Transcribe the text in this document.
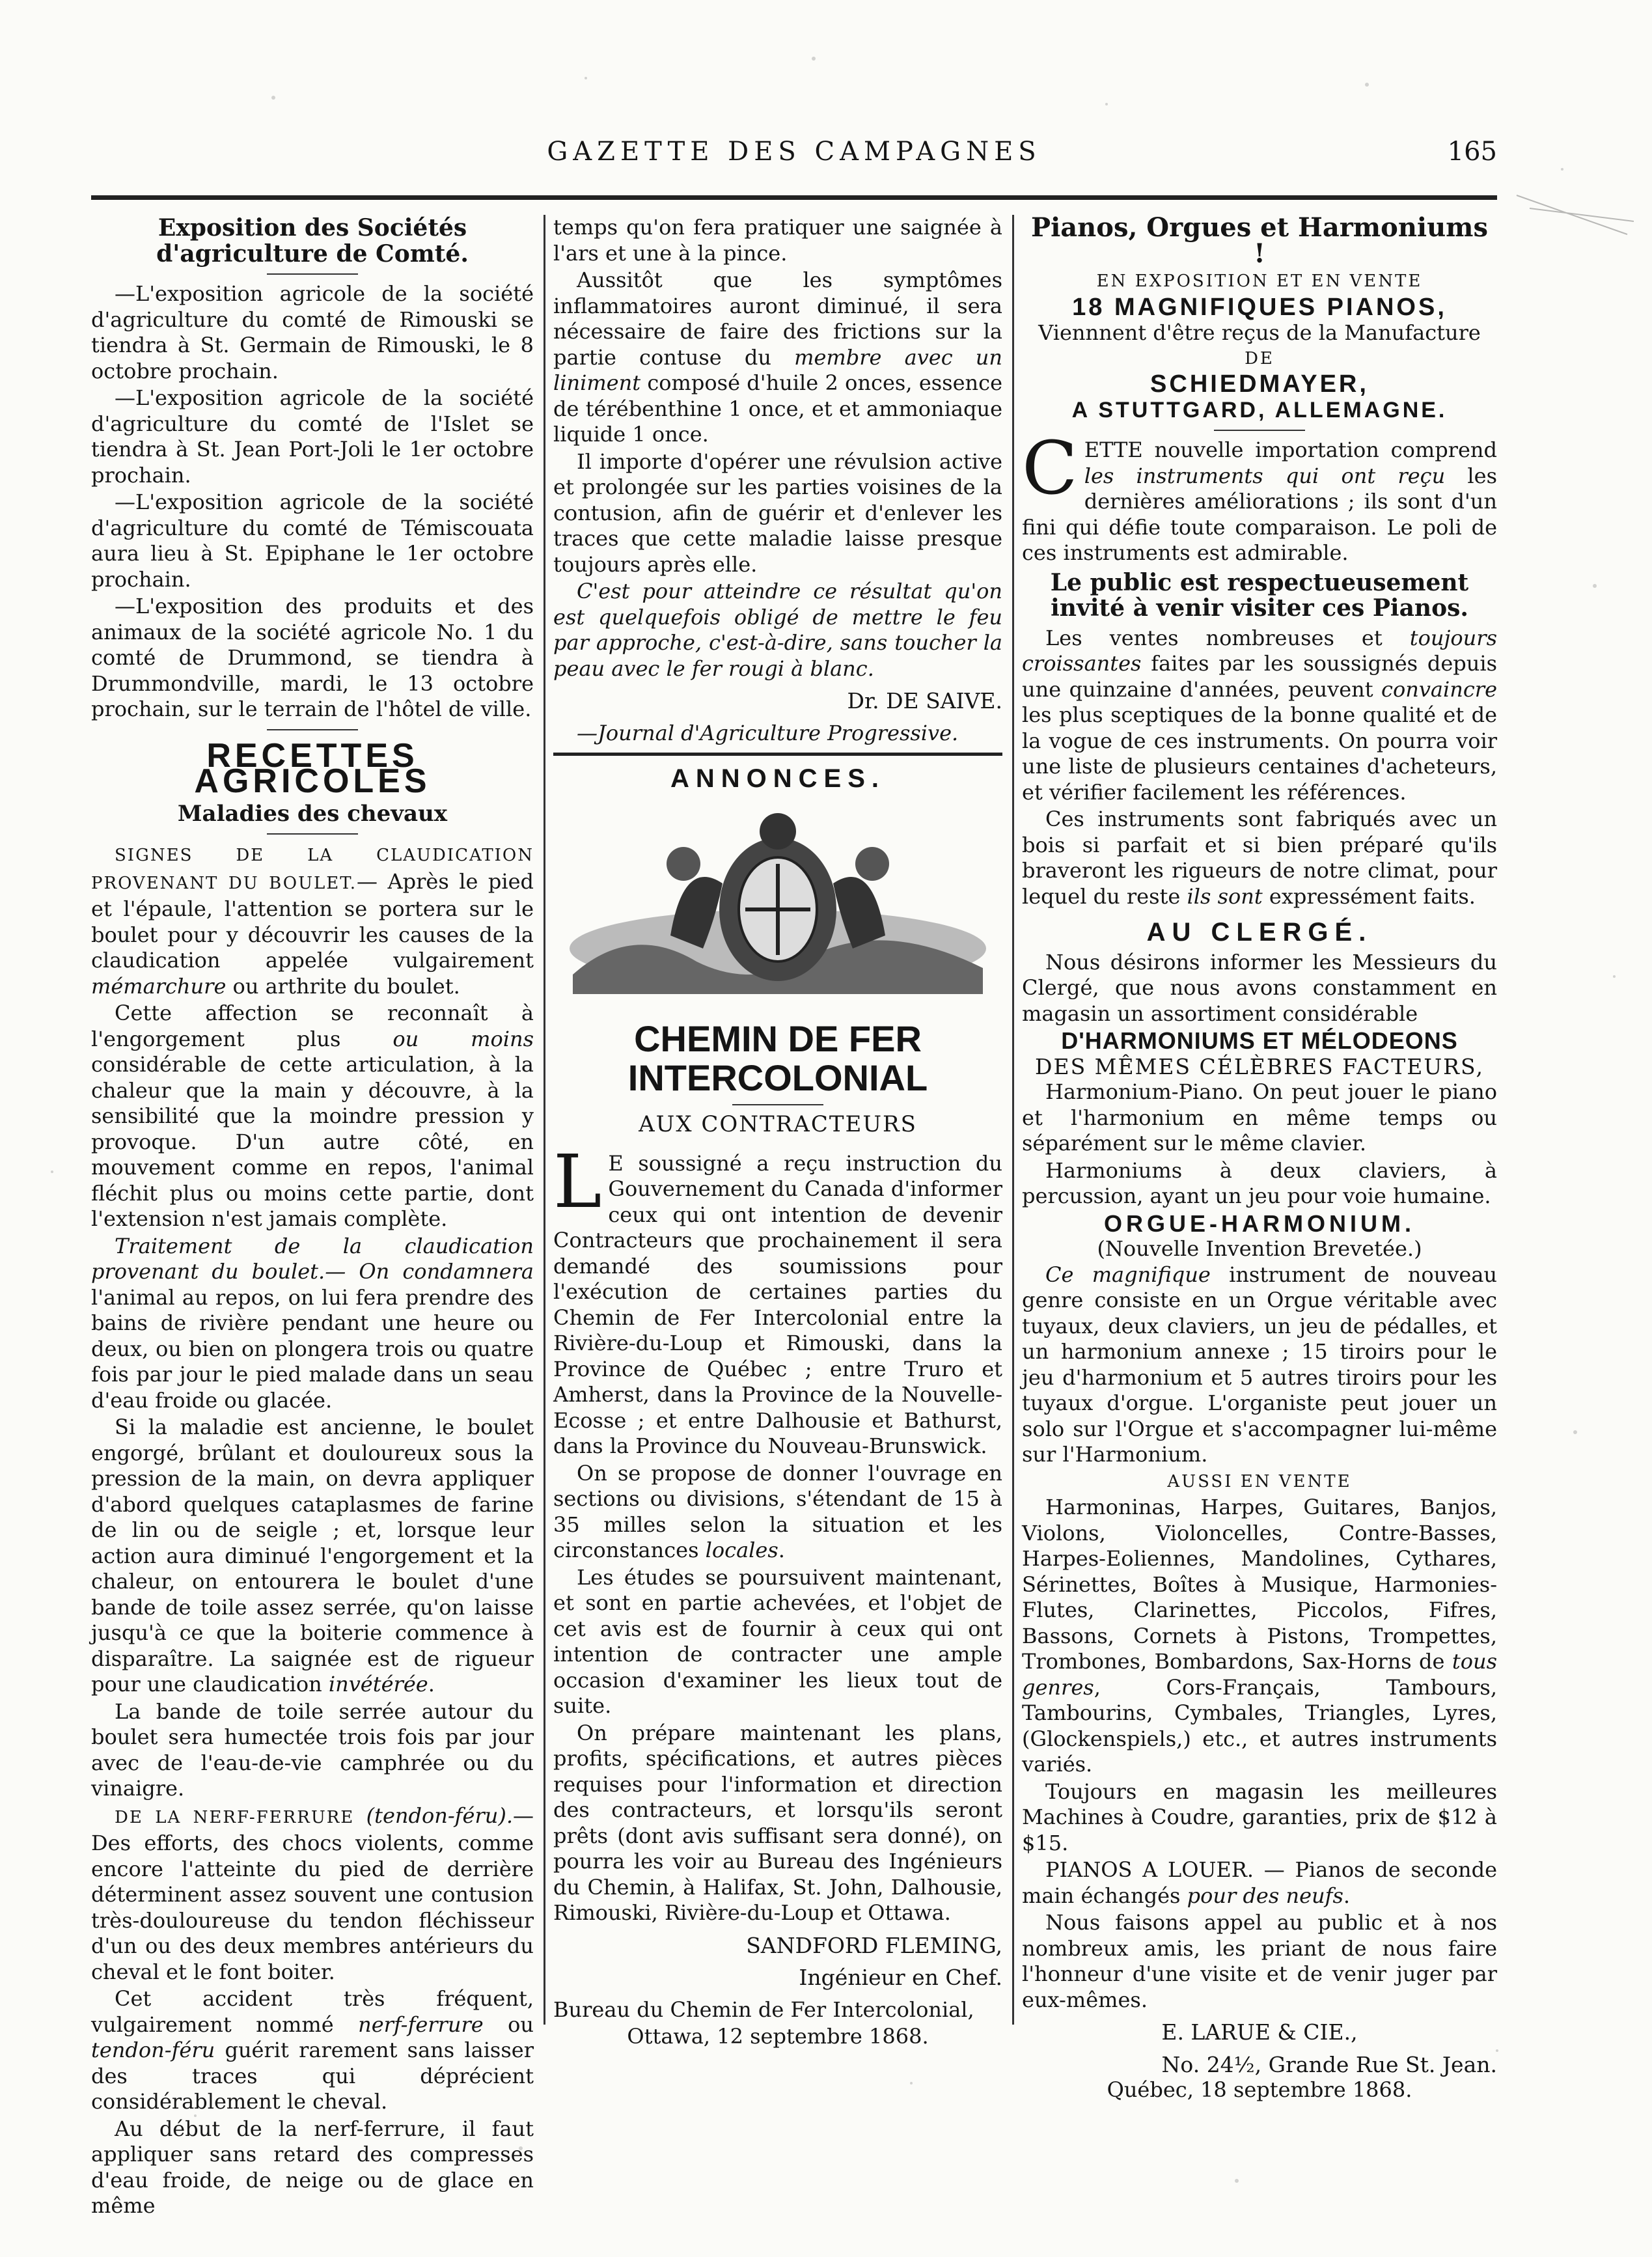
GAZETTE DES CAMPAGNES	165
Exposition des Sociétés d'agriculture de Comté.

—L'exposition agricole de la société d'agriculture du comté de Rimouski se tiendra à St. Germain de Rimouski, le 8 octobre prochain.

—L'exposition agricole de la société d'agriculture du comté de l'Islet se tiendra à St. Jean Port-Joli le 1er octobre prochain.

—L'exposition agricole de la société d'agriculture du comté de Témiscouata aura lieu à St. Epiphane le 1er octobre prochain.

—L'exposition des produits et des animaux de la société agricole No. 1 du comté de Drummond, se tiendra à Drummondville, mardi, le 13 octobre prochain, sur le terrain de l'hôtel de ville.

RECETTES AGRICOLES
Maladies des chevaux

SIGNES DE LA CLAUDICATION PROVENANT DU BOULET.— Après le pied et l'épaule, l'attention se portera sur le boulet pour y découvrir les causes de la claudication appelée vulgairement mémarchure ou arthrite du boulet.

Cette affection se reconnaît à l'engorgement plus ou moins considérable de cette articulation, à la chaleur que la main y découvre, à la sensibilité que la moindre pression y provoque. D'un autre côté, en mouvement comme en repos, l'animal fléchit plus ou moins cette partie, dont l'extension n'est jamais complète.

Traitement de la claudication provenant du boulet.— On condamnera l'animal au repos, on lui fera prendre des bains de rivière pendant une heure ou deux, ou bien on plongera trois ou quatre fois par jour le pied malade dans un seau d'eau froide ou glacée.

Si la maladie est ancienne, le boulet engorgé, brûlant et douloureux sous la pression de la main, on devra appliquer d'abord quelques cataplasmes de farine de lin ou de seigle ; et, lorsque leur action aura diminué l'engorgement et la chaleur, on entourera le boulet d'une bande de toile assez serrée, qu'on laisse jusqu'à ce que la boiterie commence à disparaître. La saignée est de rigueur pour une claudication invétérée.

La bande de toile serrée autour du boulet sera humectée trois fois par jour avec de l'eau-de-vie camphrée ou du vinaigre.

DE LA NERF-FERRURE (tendon-féru).— Des efforts, des chocs violents, comme encore l'atteinte du pied de derrière déterminent assez souvent une contusion très-douloureuse du tendon fléchisseur d'un ou des deux membres antérieurs du cheval et le font boiter.

Cet accident très fréquent, vulgairement nommé nerf-ferrure ou tendon-féru guérit rarement sans laisser des traces qui déprécient considérablement le cheval.

Au début de la nerf-ferrure, il faut appliquer sans retard des compresses d'eau froide, de neige ou de glace en même

temps qu'on fera pratiquer une saignée à l'ars et une à la pince.

Aussitôt que les symptômes inflammatoires auront diminué, il sera nécessaire de faire des frictions sur la partie contuse du membre avec un liniment composé d'huile 2 onces, essence de térébenthine 1 once, et et ammoniaque liquide 1 once.

Il importe d'opérer une révulsion active et prolongée sur les parties voisines de la contusion, afin de guérir et d'enlever les traces que cette maladie laisse presque toujours après elle.

C'est pour atteindre ce résultat qu'on est quelquefois obligé de mettre le feu par approche, c'est-à-dire, sans toucher la peau avec le fer rougi à blanc.

Dr. DE SAIVE.

—Journal d'Agriculture Progressive.

ANNONCES.
CHEMIN DE FER INTERCOLONIAL
AUX CONTRACTEURS

L E soussigné a reçu instruction du Gouvernement du Canada d'informer ceux qui ont intention de devenir Contracteurs que prochainement il sera demandé des soumissions pour l'exécution de certaines parties du Chemin de Fer Intercolonial entre la Rivière-du-Loup et Rimouski, dans la Province de Québec ; entre Truro et Amherst, dans la Province de la Nouvelle-Ecosse ; et entre Dalhousie et Bathurst, dans la Province du Nouveau-Brunswick.

On se propose de donner l'ouvrage en sections ou divisions, s'étendant de 15 à 35 milles selon la situation et les circonstances locales.

Les études se poursuivent maintenant, et sont en partie achevées, et l'objet de cet avis est de fournir à ceux qui ont intention de contracter une ample occasion d'examiner les lieux tout de suite.

On prépare maintenant les plans, profits, spécifications, et autres pièces requises pour l'information et direction des contracteurs, et lorsqu'ils seront prêts (dont avis suffisant sera donné), on pourra les voir au Bureau des Ingénieurs du Chemin, à Halifax, St. John, Dalhousie, Rimouski, Rivière-du-Loup et Ottawa.

SANDFORD FLEMING,
Ingénieur en Chef.

Bureau du Chemin de Fer Intercolonial,

Ottawa, 12 septembre 1868.

Pianos, Orgues et Harmoniums !
EN EXPOSITION ET EN VENTE
18 MAGNIFIQUES PIANOS,
Viennnent d'être reçus de la Manufacture
DE
SCHIEDMAYER,
A STUTTGARD, ALLEMAGNE.

CETTE nouvelle importation comprend les instruments qui ont reçu les dernières améliorations ; ils sont d'un fini qui défie toute comparaison. Le poli de ces instruments est admirable.

Le public est respectueusement invité à venir visiter ces Pianos.

Les ventes nombreuses et toujours croissantes faites par les soussignés depuis une quinzaine d'années, peuvent convaincre les plus sceptiques de la bonne qualité et de la vogue de ces instruments. On pourra voir une liste de plusieurs centaines d'acheteurs, et vérifier facilement les références.

Ces instruments sont fabriqués avec un bois si parfait et si bien préparé qu'ils braveront les rigueurs de notre climat, pour lequel du reste ils sont expressément faits.

AU CLERGÉ.

Nous désirons informer les Messieurs du Clergé, que nous avons constamment en magasin un assortiment considérable

D'HARMONIUMS ET MÉLODEONS
DES MÊMES CÉLÈBRES FACTEURS,

Harmonium-Piano. On peut jouer le piano et l'harmonium en même temps ou séparément sur le même clavier.

Harmoniums à deux claviers, à percussion, ayant un jeu pour voie humaine.

ORGUE-HARMONIUM.
(Nouvelle Invention Brevetée.)

Ce magnifique instrument de nouveau genre consiste en un Orgue véritable avec tuyaux, deux claviers, un jeu de pédalles, et un harmonium annexe ; 15 tiroirs pour le jeu d'harmonium et 5 autres tiroirs pour les tuyaux d'orgue. L'organiste peut jouer un solo sur l'Orgue et s'accompagner lui-même sur l'Harmonium.

AUSSI EN VENTE

Harmoninas, Harpes, Guitares, Banjos, Violons, Violoncelles, Contre-Basses, Harpes-Eoliennes, Mandolines, Cythares, Sérinettes, Boîtes à Musique, Harmonies-Flutes, Clarinettes, Piccolos, Fifres, Bassons, Cornets à Pistons, Trompettes, Trombones, Bombardons, Sax-Horns de tous genres, Cors-Français, Tambours, Tambourins, Cymbales, Triangles, Lyres, (Glockenspiels,) etc., et autres instruments variés.

Toujours en magasin les meilleures Machines à Coudre, garanties, prix de $12 à $15.

PIANOS A LOUER. — Pianos de seconde main échangés pour des neufs.

Nous faisons appel au public et à nos nombreux amis, les priant de nous faire l'honneur d'une visite et de venir juger par eux-mêmes.

E. LARUE & CIE.,
No. 24½, Grande Rue St. Jean.
Québec, 18 septembre 1868.
